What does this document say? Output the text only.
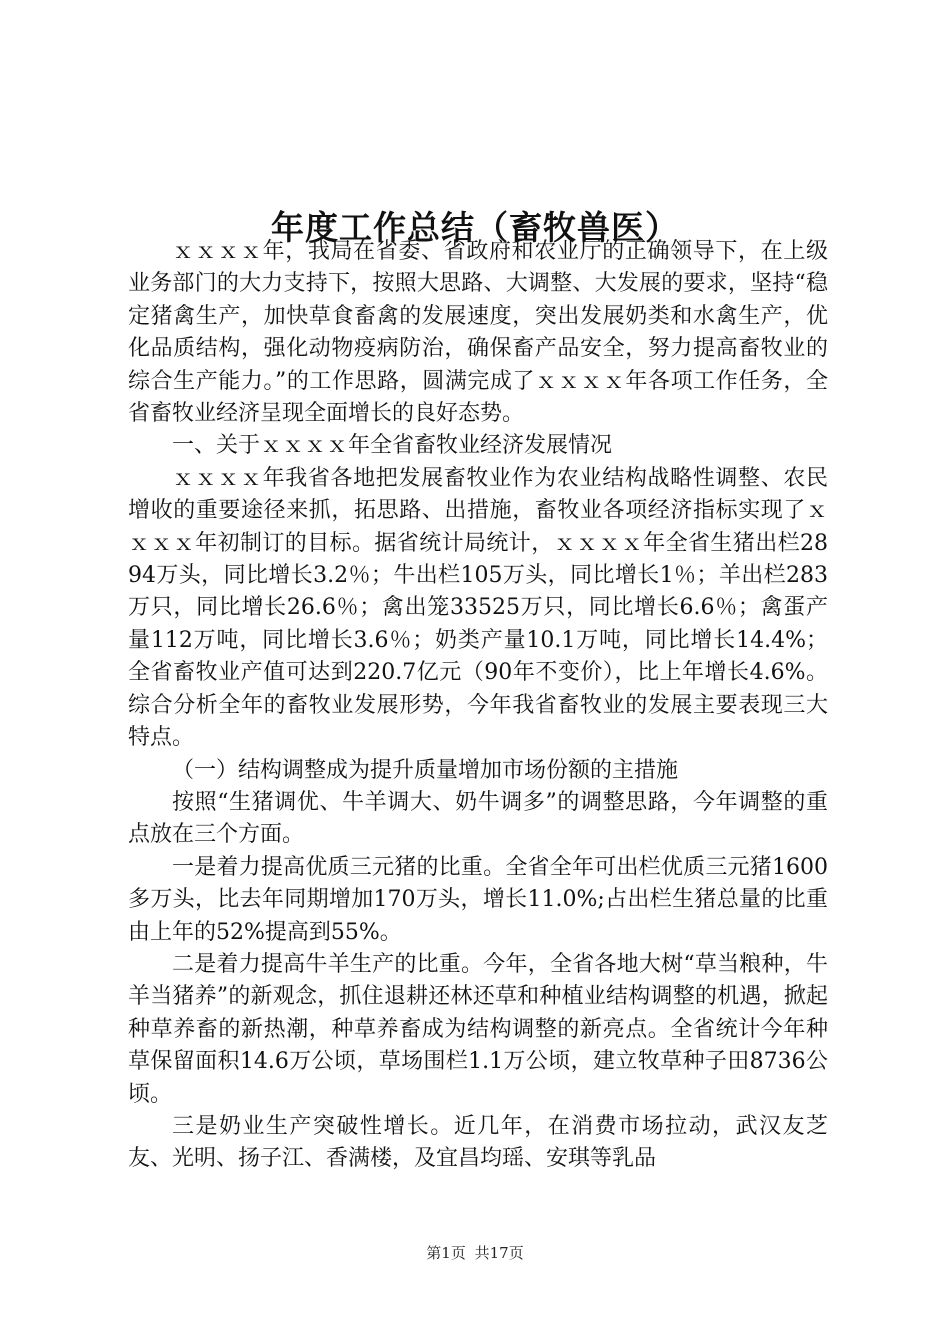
年度工作总结（畜牧兽医）

ｘｘｘｘ年，我局在省委、省政府和农业厅的正确领导下，在上级业务部门的大力支持下，按照大思路、大调整、大发展的要求，坚持“稳定猪禽生产，加快草食畜禽的发展速度，突出发展奶类和水禽生产，优化品质结构，强化动物疫病防治，确保畜产品安全，努力提高畜牧业的综合生产能力。”的工作思路，圆满完成了ｘｘｘｘ年各项工作任务，全省畜牧业经济呈现全面增长的良好态势。

一、关于ｘｘｘｘ年全省畜牧业经济发展情况

ｘｘｘｘ年我省各地把发展畜牧业作为农业结构战略性调整、农民增收的重要途径来抓，拓思路、出措施，畜牧业各项经济指标实现了ｘｘｘｘ年初制订的目标。据省统计局统计，ｘｘｘｘ年全省生猪出栏2894万头，同比增长3.2％；牛出栏105万头，同比增长1％；羊出栏283万只，同比增长26.6％；禽出笼33525万只，同比增长6.6％；禽蛋产量112万吨，同比增长3.6％；奶类产量10.1万吨，同比增长14.4%；全省畜牧业产值可达到220.7亿元（90年不变价），比上年增长4.6%。综合分析全年的畜牧业发展形势，今年我省畜牧业的发展主要表现三大特点。

（一）结构调整成为提升质量增加市场份额的主措施

按照“生猪调优、牛羊调大、奶牛调多”的调整思路，今年调整的重点放在三个方面。

一是着力提高优质三元猪的比重。全省全年可出栏优质三元猪1600多万头，比去年同期增加170万头，增长11.0%;占出栏生猪总量的比重由上年的52%提高到55%。

二是着力提高牛羊生产的比重。今年，全省各地大树“草当粮种，牛羊当猪养”的新观念，抓住退耕还林还草和种植业结构调整的机遇，掀起种草养畜的新热潮，种草养畜成为结构调整的新亮点。全省统计今年种草保留面积14.6万公顷，草场围栏1.1万公顷，建立牧草种子田8736公顷。

三是奶业生产突破性增长。近几年，在消费市场拉动，武汉友芝友、光明、扬子江、香满楼，及宜昌均瑶、安琪等乳品

第1页 共17页
